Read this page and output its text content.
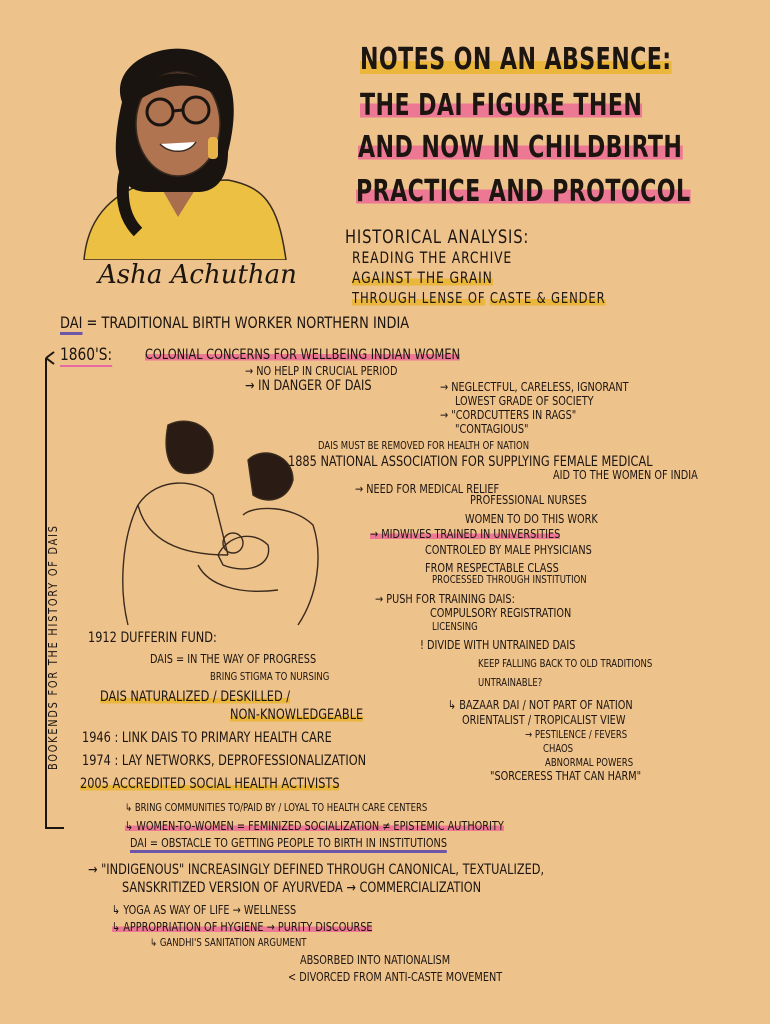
Asha Achuthan
NOTES ON AN ABSENCE:
THE DAI FIGURE THEN
AND NOW IN CHILDBIRTH
PRACTICE AND PROTOCOL
HISTORICAL ANALYSIS:
READING THE ARCHIVE
AGAINST THE GRAIN
THROUGH LENSE OF CASTE & GENDER
DAI = TRADITIONAL BIRTH WORKER NORTHERN INDIA
BOOKENDS FOR THE HISTORY OF DAIS
1860'S: COLONIAL CONCERNS FOR WELLBEING INDIAN WOMEN
→ NO HELP IN CRUCIAL PERIOD
→ IN DANGER OF DAIS	→ NEGLECTFUL, CARELESS, IGNORANT
LOWEST GRADE OF SOCIETY
→ "CORDCUTTERS IN RAGS"
"CONTAGIOUS"
DAIS MUST BE REMOVED FOR HEALTH OF NATION
1885 NATIONAL ASSOCIATION FOR SUPPLYING FEMALE MEDICAL
AID TO THE WOMEN OF INDIA
→ NEED FOR MEDICAL RELIEF
PROFESSIONAL NURSES
WOMEN TO DO THIS WORK
→ MIDWIVES TRAINED IN UNIVERSITIES
CONTROLED BY MALE PHYSICIANS
FROM RESPECTABLE CLASS
PROCESSED THROUGH INSTITUTION
→ PUSH FOR TRAINING DAIS:
COMPULSORY REGISTRATION
LICENSING
! DIVIDE WITH UNTRAINED DAIS
KEEP FALLING BACK TO OLD TRADITIONS
UNTRAINABLE?
1912 DUFFERIN FUND:
DAIS = IN THE WAY OF PROGRESS
BRING STIGMA TO NURSING
DAIS NATURALIZED / DESKILLED /
NON-KNOWLEDGEABLE
↳ BAZAAR DAI / NOT PART OF NATION
ORIENTALIST / TROPICALIST VIEW
→ PESTILENCE / FEVERS
CHAOS
ABNORMAL POWERS
"SORCERESS THAT CAN HARM"
1946 : LINK DAIS TO PRIMARY HEALTH CARE
1974 : LAY NETWORKS, DEPROFESSIONALIZATION
2005 ACCREDITED SOCIAL HEALTH ACTIVISTS
↳ BRING COMMUNITIES TO/PAID BY / LOYAL TO HEALTH CARE CENTERS
↳ WOMEN-TO-WOMEN = FEMINIZED SOCIALIZATION ≠ EPISTEMIC AUTHORITY
DAI = OBSTACLE TO GETTING PEOPLE TO BIRTH IN INSTITUTIONS
→ "INDIGENOUS" INCREASINGLY DEFINED THROUGH CANONICAL, TEXTUALIZED,
SANSKRITIZED VERSION OF AYURVEDA → COMMERCIALIZATION
↳ YOGA AS WAY OF LIFE → WELLNESS
↳ APPROPRIATION OF HYGIENE → PURITY DISCOURSE
↳ GANDHI'S SANITATION ARGUMENT
ABSORBED INTO NATIONALISM
< DIVORCED FROM ANTI-CASTE MOVEMENT
